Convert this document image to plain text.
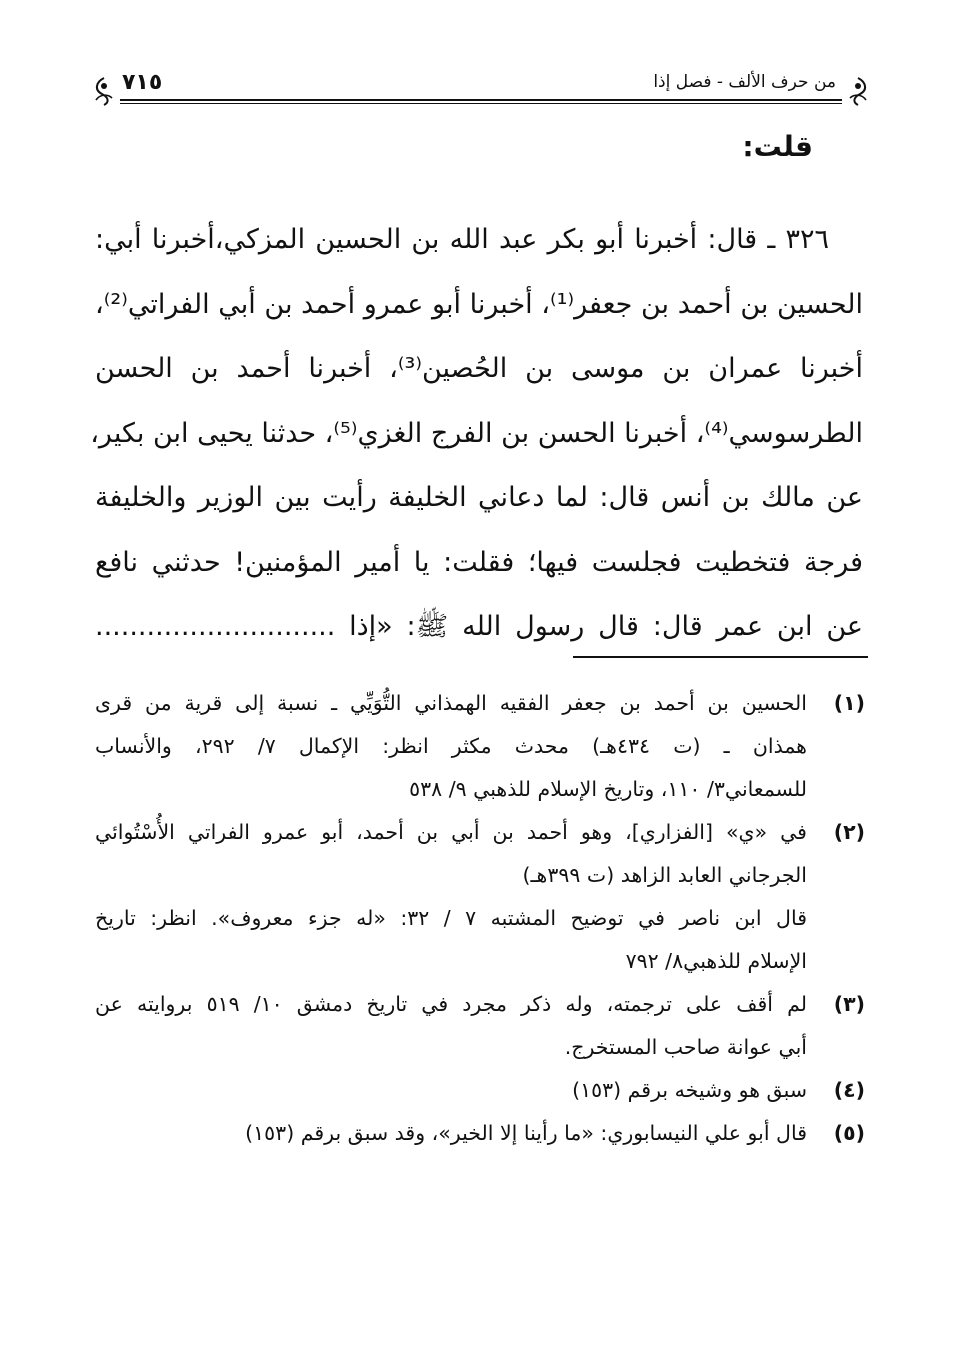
من حرف الألف - فصل إذا
٧١٥
قلت:
٣٢٦ ـ قال: أخبرنا أبو بكر عبد الله بن الحسين المزكي،أخبرنا أبي:
الحسين بن أحمد بن جعفر⁽¹⁾، أخبرنا أبو عمرو أحمد بن أبي الفراتي⁽²⁾،
أخبرنا عمران بن موسى بن الحُصين⁽³⁾، أخبرنا أحمد بن الحسن
الطرسوسي⁽⁴⁾، أخبرنا الحسن بن الفرج الغزي⁽⁵⁾، حدثنا يحيى ابن بكير،
عن مالك بن أنس قال: لما دعاني الخليفة رأيت بين الوزير والخليفة
فرجة فتخطيت فجلست فيها؛ فقلت: يا أمير المؤمنين! حدثني نافع
عن ابن عمر قال: قال رسول الله ﷺ: «إذا ............................
(١)
الحسين بن أحمد بن جعفر الفقيه الهمذاني التُّوَيِّي ـ نسبة إلى قرية من قرى
همذان ـ (ت ٤٣٤هـ) محدث مكثر انظر: الإكمال ٧/ ٢٩٢، والأنساب
للسمعاني٣/ ١١٠، وتاريخ الإسلام للذهبي ٩/ ٥٣٨
(٢)
في «ي» [الفزاري]، وهو أحمد بن أبي بن أحمد، أبو عمرو الفراتي الأُسْتُوائي
الجرجاني العابد الزاهد (ت ٣٩٩هـ)
قال ابن ناصر في توضيح المشتبه ٧ / ٣٢: «له جزء معروف». انظر: تاريخ
الإسلام للذهبي٨/ ٧٩٢
(٣)
لم أقف على ترجمته، وله ذكر مجرد في تاريخ دمشق ١٠/ ٥١٩ بروايته عن
أبي عوانة صاحب المستخرج.
(٤)
سبق هو وشيخه برقم (١٥٣)
(٥)
قال أبو علي النيسابوري: «ما رأينا إلا الخير»، وقد سبق برقم (١٥٣)
